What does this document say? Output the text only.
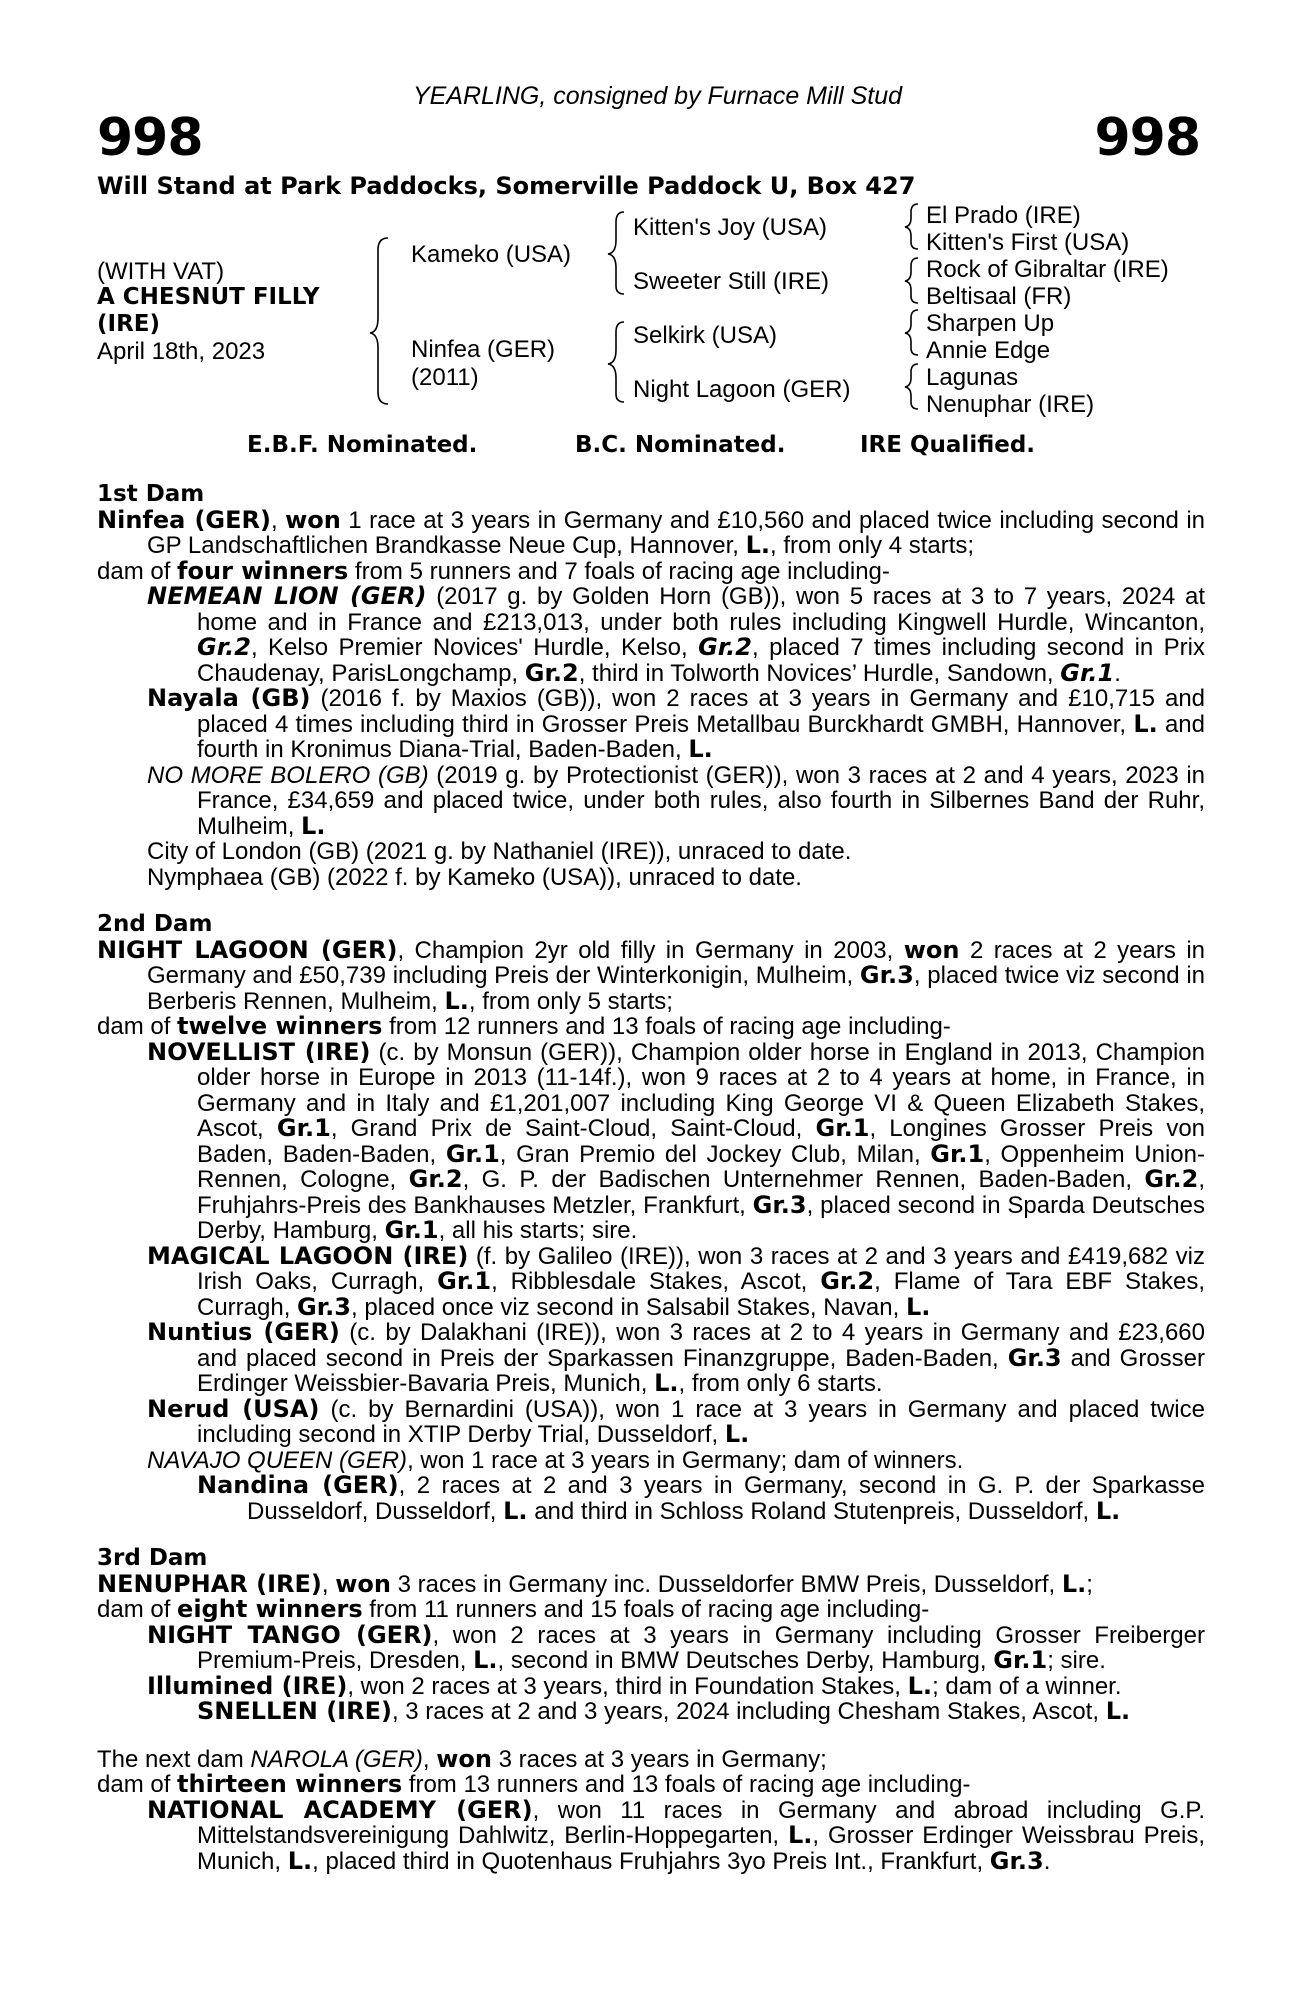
YEARLING, consigned by Furnace Mill Stud
998	998
Will Stand at Park Paddocks, Somerville Paddock U, Box 427
(WITH VAT)
A CHESNUT FILLY
(IRE)
April 18th, 2023
Kameko (USA)
Ninfea (GER)
(2011)
Kitten's Joy (USA)
Sweeter Still (IRE)
Selkirk (USA)
Night Lagoon (GER)
El Prado (IRE)
Kitten's First (USA)
Rock of Gibraltar (IRE)
Beltisaal (FR)
Sharpen Up
Annie Edge
Lagunas
Nenuphar (IRE)
E.B.F. Nominated.	B.C. Nominated.	IRE Qualified.
1st Dam

Ninfea (GER), won 1 race at 3 years in Germany and £10,560 and placed twice including second in GP Landschaftlichen Brandkasse Neue Cup, Hannover, L., from only 4 starts;

dam of four winners from 5 runners and 7 foals of racing age including-

NEMEAN LION (GER) (2017 g. by Golden Horn (GB)), won 5 races at 3 to 7 years, 2024 at home and in France and £213,013, under both rules including Kingwell Hurdle, Wincanton, Gr.2, Kelso Premier Novices' Hurdle, Kelso, Gr.2, placed 7 times including second in Prix Chaudenay, ParisLongchamp, Gr.2, third in Tolworth Novices’ Hurdle, Sandown, Gr.1.

Nayala (GB) (2016 f. by Maxios (GB)), won 2 races at 3 years in Germany and £10,715 and placed 4 times including third in Grosser Preis Metallbau Burckhardt GMBH, Hannover, L. and fourth in Kronimus Diana-Trial, Baden-Baden, L.

NO MORE BOLERO (GB) (2019 g. by Protectionist (GER)), won 3 races at 2 and 4 years, 2023 in France, £34,659 and placed twice, under both rules, also fourth in Silbernes Band der Ruhr, Mulheim, L.

City of London (GB) (2021 g. by Nathaniel (IRE)), unraced to date.

Nymphaea (GB) (2022 f. by Kameko (USA)), unraced to date.

2nd Dam

NIGHT LAGOON (GER), Champion 2yr old filly in Germany in 2003, won 2 races at 2 years in Germany and £50,739 including Preis der Winterkonigin, Mulheim, Gr.3, placed twice viz second in Berberis Rennen, Mulheim, L., from only 5 starts;

dam of twelve winners from 12 runners and 13 foals of racing age including-

NOVELLIST (IRE) (c. by Monsun (GER)), Champion older horse in England in 2013, Champion older horse in Europe in 2013 (11-14f.), won 9 races at 2 to 4 years at home, in France, in Germany and in Italy and £1,201,007 including King George VI & Queen Elizabeth Stakes, Ascot, Gr.1, Grand Prix de Saint-Cloud, Saint-Cloud, Gr.1, Longines Grosser Preis von Baden, Baden-Baden, Gr.1, Gran Premio del Jockey Club, Milan, Gr.1, Oppenheim Union-Rennen, Cologne, Gr.2, G. P. der Badischen Unternehmer Rennen, Baden-Baden, Gr.2, Fruhjahrs-Preis des Bankhauses Metzler, Frankfurt, Gr.3, placed second in Sparda Deutsches Derby, Hamburg, Gr.1, all his starts; sire.

MAGICAL LAGOON (IRE) (f. by Galileo (IRE)), won 3 races at 2 and 3 years and £419,682 viz Irish Oaks, Curragh, Gr.1, Ribblesdale Stakes, Ascot, Gr.2, Flame of Tara EBF Stakes, Curragh, Gr.3, placed once viz second in Salsabil Stakes, Navan, L.

Nuntius (GER) (c. by Dalakhani (IRE)), won 3 races at 2 to 4 years in Germany and £23,660 and placed second in Preis der Sparkassen Finanzgruppe, Baden-Baden, Gr.3 and Grosser Erdinger Weissbier-Bavaria Preis, Munich, L., from only 6 starts.

Nerud (USA) (c. by Bernardini (USA)), won 1 race at 3 years in Germany and placed twice including second in XTIP Derby Trial, Dusseldorf, L.

NAVAJO QUEEN (GER), won 1 race at 3 years in Germany; dam of winners.

Nandina (GER), 2 races at 2 and 3 years in Germany, second in G. P. der Sparkasse Dusseldorf, Dusseldorf, L. and third in Schloss Roland Stutenpreis, Dusseldorf, L.

3rd Dam

NENUPHAR (IRE), won 3 races in Germany inc. Dusseldorfer BMW Preis, Dusseldorf, L.;

dam of eight winners from 11 runners and 15 foals of racing age including-

NIGHT TANGO (GER), won 2 races at 3 years in Germany including Grosser Freiberger Premium-Preis, Dresden, L., second in BMW Deutsches Derby, Hamburg, Gr.1; sire.

Illumined (IRE), won 2 races at 3 years, third in Foundation Stakes, L.; dam of a winner.

SNELLEN (IRE), 3 races at 2 and 3 years, 2024 including Chesham Stakes, Ascot, L.

The next dam NAROLA (GER), won 3 races at 3 years in Germany;

dam of thirteen winners from 13 runners and 13 foals of racing age including-

NATIONAL ACADEMY (GER), won 11 races in Germany and abroad including G.P. Mittelstandsvereinigung Dahlwitz, Berlin-Hoppegarten, L., Grosser Erdinger Weissbrau Preis, Munich, L., placed third in Quotenhaus Fruhjahrs 3yo Preis Int., Frankfurt, Gr.3.
